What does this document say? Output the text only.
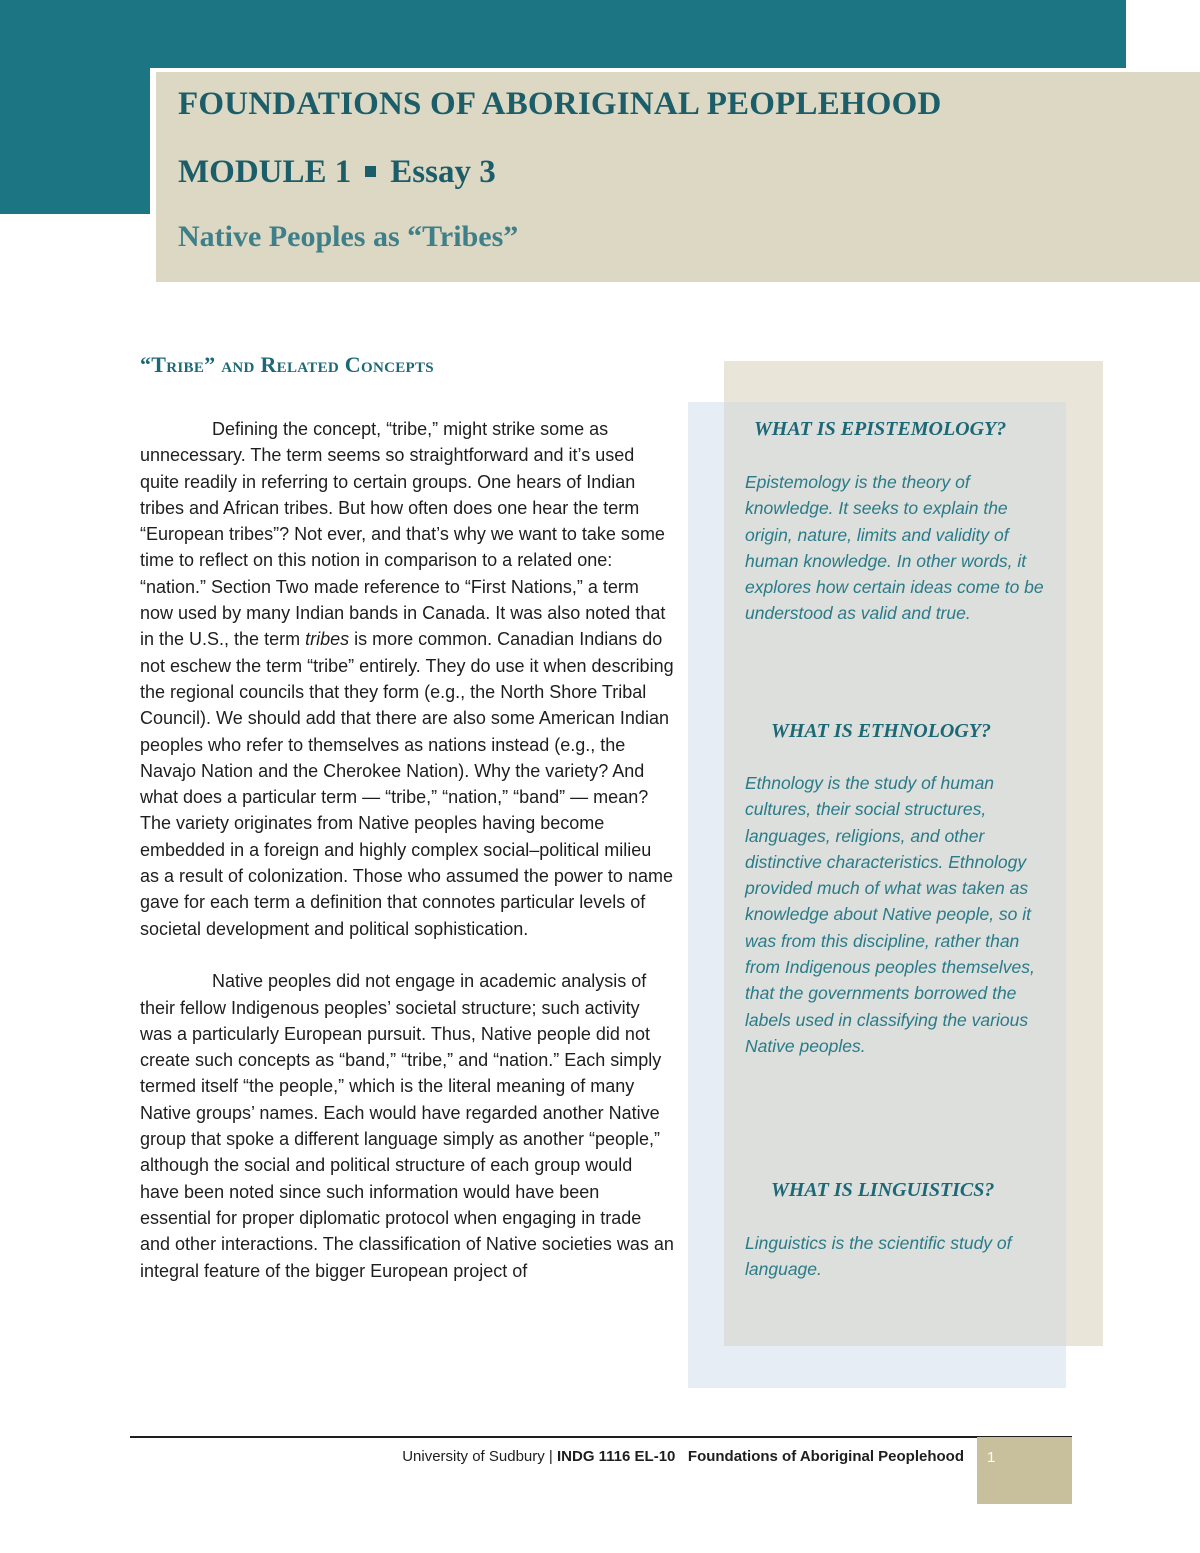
FOUNDATIONS OF ABORIGINAL PEOPLEHOOD
MODULE 1 Essay 3
Native Peoples as “Tribes”
“Tribe” and Related Concepts

Defining the concept, “tribe,” might strike some as unnecessary. The term seems so straightforward and it’s used quite readily in referring to certain groups. One hears of Indian tribes and African tribes. But how often does one hear the term “European tribes”? Not ever, and that’s why we want to take some time to reflect on this notion in comparison to a related one: “nation.” Section Two made reference to “First Nations,” a term now used by many Indian bands in Canada. It was also noted that in the U.S., the term tribes is more common. Canadian Indians do not eschew the term “tribe” entirely. They do use it when describing the regional councils that they form (e.g., the North Shore Tribal Council). We should add that there are also some American Indian peoples who refer to themselves as nations instead (e.g., the Navajo Nation and the Cherokee Nation). Why the variety? And what does a particular term — “tribe,” “nation,” “band” — mean? The variety originates from Native peoples having become embedded in a foreign and highly complex social–political milieu as a result of colonization. Those who assumed the power to name gave for each term a definition that connotes particular levels of societal development and political sophistication.

Native peoples did not engage in academic analysis of their fellow Indigenous peoples’ societal structure; such activity was a particularly European pursuit. Thus, Native people did not create such concepts as “band,” “tribe,” and “nation.” Each simply termed itself “the people,” which is the literal meaning of many Native groups’ names. Each would have regarded another Native group that spoke a different language simply as another “people,” although the social and political structure of each group would have been noted since such information would have been essential for proper diplomatic protocol when engaging in trade and other interactions. The classification of Native societies was an integral feature of the bigger European project of

WHAT IS EPISTEMOLOGY?

Epistemology is the theory of knowledge. It seeks to explain the origin, nature, limits and validity of human knowledge. In other words, it explores how certain ideas come to be understood as valid and true.

WHAT IS ETHNOLOGY?

Ethnology is the study of human cultures, their social structures, languages, religions, and other distinctive characteristics. Ethnology provided much of what was taken as knowledge about Native people, so it was from this discipline, rather than from Indigenous peoples themselves, that the governments borrowed the labels used in classifying the various Native peoples.

WHAT IS LINGUISTICS?

Linguistics is the scientific study of language.

University of Sudbury | INDG 1116 EL-10 Foundations of Aboriginal Peoplehood 1
